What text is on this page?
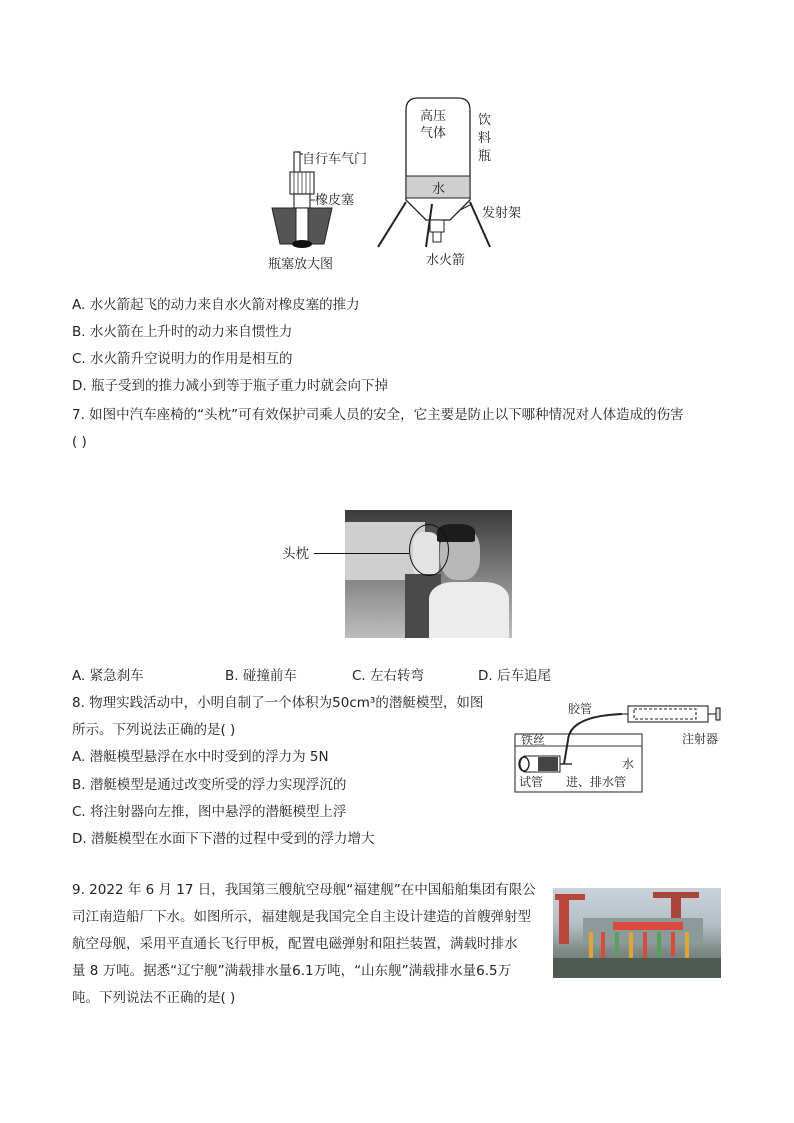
自行车气门
橡皮塞
瓶塞放大图
高压
气体
水
饮
料
瓶
发射架
水火箭
A. 水火箭起飞的动力来自水火箭对橡皮塞的推力
B. 水火箭在上升时的动力来自惯性力
C. 水火箭升空说明力的作用是相互的
D. 瓶子受到的推力减小到等于瓶子重力时就会向下掉
7. 如图中汽车座椅的“头枕”可有效保护司乘人员的安全，它主要是防止以下哪种情况对人体造成的伤害
( )
头枕
A. 紧急刹车	B. 碰撞前车	C. 左右转弯	D. 后车追尾
8. 物理实践活动中，小明自制了一个体积为50cm³的潜艇模型，如图
所示。下列说法正确的是( )
A. 潜艇模型悬浮在水中时受到的浮力为 5N
B. 潜艇模型是通过改变所受的浮力实现浮沉的
C. 将注射器向左推，图中悬浮的潜艇模型上浮
D. 潜艇模型在水面下下潜的过程中受到的浮力增大
胶管
注射器
铁丝
水
试管 进、排水管
9. 2022 年 6 月 17 日，我国第三艘航空母舰“福建舰”在中国船舶集团有限公
司江南造船厂下水。如图所示，福建舰是我国完全自主设计建造的首艘弹射型
航空母舰，采用平直通长飞行甲板，配置电磁弹射和阻拦装置，满载时排水
量 8 万吨。据悉“辽宁舰”满载排水量6.1万吨，“山东舰”满载排水量6.5万
吨。下列说法不正确的是( )
